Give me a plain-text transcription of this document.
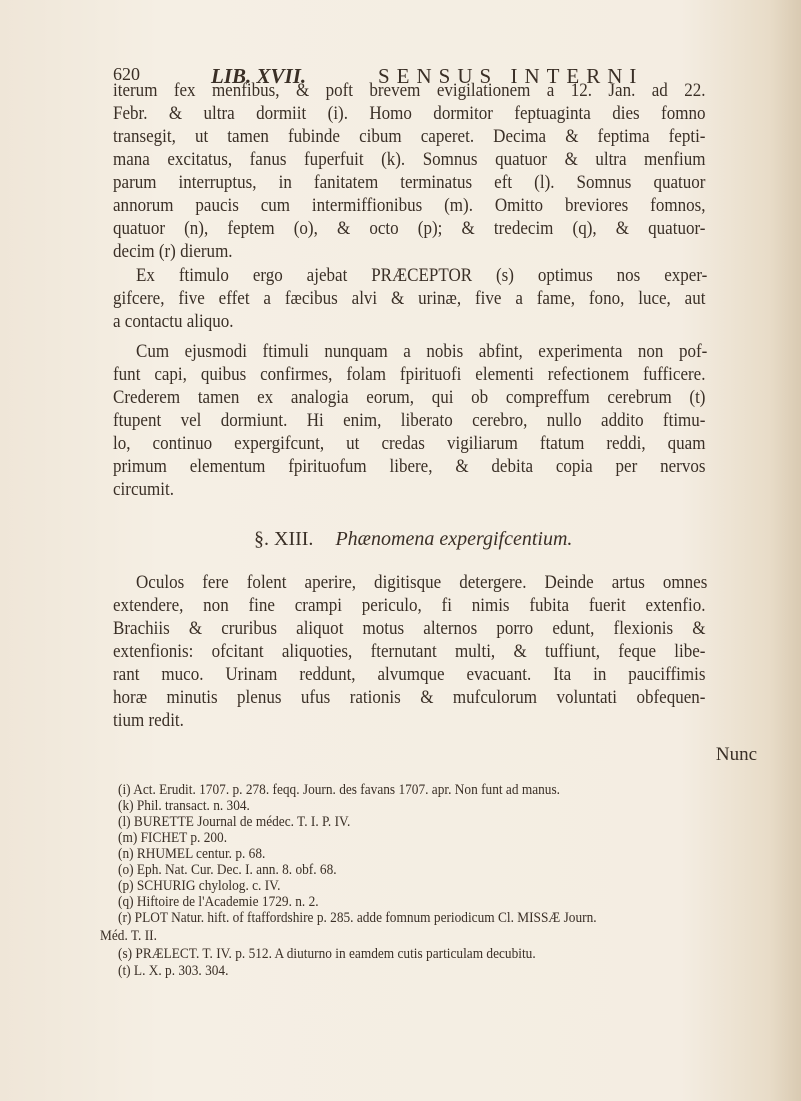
620	LIB. XVII.	SENSUS INTERNI
iterum fex menfibus, & poft brevem evigilationem a 12. Jan. ad 22.
Febr. & ultra dormiit (i). Homo dormitor feptuaginta dies fomno
transegit, ut tamen fubinde cibum caperet. Decima & feptima fepti-
mana excitatus, fanus fuperfuit (k). Somnus quatuor & ultra menfium
parum interruptus, in fanitatem terminatus eft (l). Somnus quatuor
annorum paucis cum intermiffionibus (m). Omitto breviores fomnos,
quatuor (n), feptem (o), & octo (p); & tredecim (q), & quatuor-
decim (r) dierum.
Ex ftimulo ergo ajebat PRÆCEPTOR (s) optimus nos exper-
gifcere, five effet a fæcibus alvi & urinæ, five a fame, fono, luce, aut
a contactu aliquo.
Cum ejusmodi ftimuli nunquam a nobis abfint, experimenta non pof-
funt capi, quibus confirmes, folam fpirituofi elementi refectionem fufficere.
Crederem tamen ex analogia eorum, qui ob compreffum cerebrum (t)
ftupent vel dormiunt. Hi enim, liberato cerebro, nullo addito ftimu-
lo, continuo expergifcunt, ut credas vigiliarum ftatum reddi, quam
primum elementum fpirituofum libere, & debita copia per nervos
circumit.
Oculos fere folent aperire, digitisque detergere. Deinde artus omnes
extendere, non fine crampi periculo, fi nimis fubita fuerit extenfio.
Brachiis & cruribus aliquot motus alternos porro edunt, flexionis &
extenfionis: ofcitant aliquoties, fternutant multi, & tuffiunt, feque libe-
rant muco. Urinam reddunt, alvumque evacuant. Ita in pauciffimis
horæ minutis plenus ufus rationis & mufculorum voluntati obfequen-
tium redit.
§. XIII. Phænomena expergifcentium.
Nunc
(i) Act. Erudit. 1707. p. 278. feqq. Journ. des favans 1707. apr. Non funt ad manus.
(k) Phil. transact. n. 304.
(l) BURETTE Journal de médec. T. I. P. IV.
(m) FICHET p. 200.
(n) RHUMEL centur. p. 68.
(o) Eph. Nat. Cur. Dec. I. ann. 8. obf. 68.
(p) SCHURIG chylolog. c. IV.
(q) Hiftoire de l'Academie 1729. n. 2.
(r) PLOT Natur. hift. of ftaffordshire p. 285. adde fomnum periodicum Cl. MISSÆ Journ.
Méd. T. II.
(s) PRÆLECT. T. IV. p. 512. A diuturno in eamdem cutis particulam decubitu.
(t) L. X. p. 303. 304.
